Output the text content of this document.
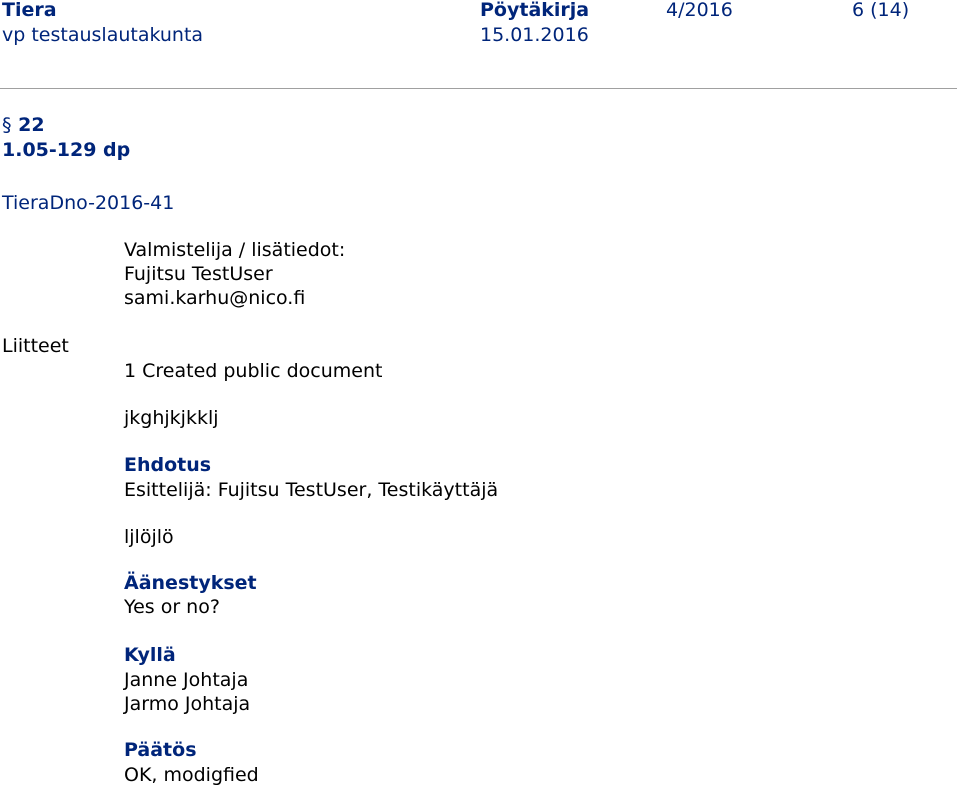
Tiera	Pöytäkirja	4/2016	6 (14)
vp testauslautakunta	15.01.2016
§ 22
1.05-129 dp
TieraDno-2016-41
Valmistelija / lisätiedot:
Fujitsu TestUser
sami.karhu@nico.fi
Liitteet
1 Created public document
jkghjkjkklj
Ehdotus
Esittelijä: Fujitsu TestUser, Testikäyttäjä
ljlöjlö
Äänestykset
Yes or no?
Kyllä
Janne Johtaja
Jarmo Johtaja
Päätös
OK, modigfied
